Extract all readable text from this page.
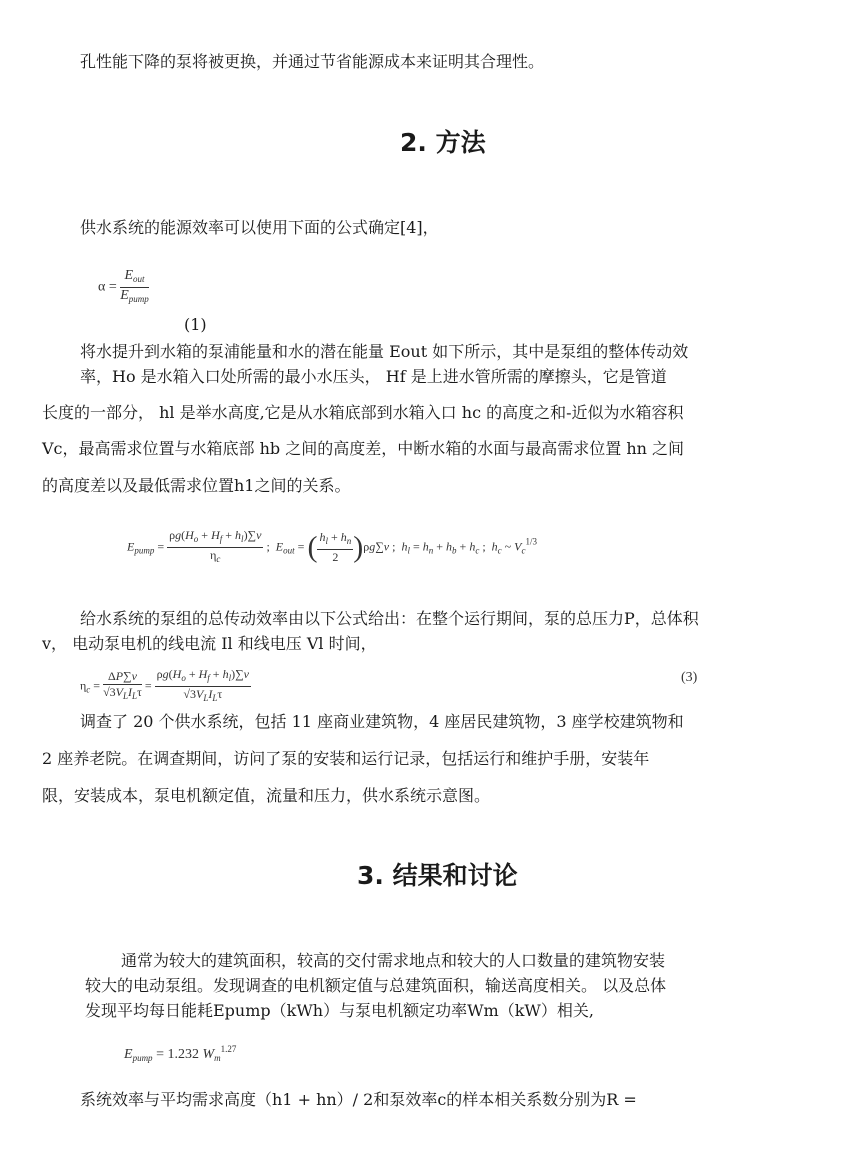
孔性能下降的泵将被更换，并通过节省能源成本来证明其合理性。
2. 方法
供水系统的能源效率可以使用下面的公式确定[4]，
$\alpha = \frac{E_{out}}{E_{pump}}$
(1)
将水提升到水箱的泵浦能量和水的潜在能量 Eout 如下所示，其中是泵组的整体传动效
率，Ho 是水箱入口处所需的最小水压头， Hf 是上进水管所需的摩擦头，它是管道
长度的一部分， hl 是举水高度,它是从水箱底部到水箱入口 hc 的高度之和-近似为水箱容积
Vc，最高需求位置与水箱底部 hb 之间的高度差，中断水箱的水面与最高需求位置 hn 之间
的高度差以及最低需求位置h1之间的关系。
$E_{pump} = \frac{\rho g(H_o + H_f + h_l)\sum v}{\eta_c}$ ;  $E_{out}$ = ( $\frac{h_l + h_n}{2} )\rho g\sum v$ ;  $h_l = h_n + h_b + h_c$ ;  $h_c$ ~ $V_c^{1/3}$
给水系统的泵组的总传动效率由以下公式给出：在整个运行期间，泵的总压力P，总体积
v， 电动泵电机的线电流 Il 和线电压 Vl 时间，
$\eta_c = \frac{\Delta P\sum v}{√3V_LI_L\tau} = \frac{\rho g(H_o + H_f + h_l)\sum v}{√3V_LI_L\tau}$	(3)
调查了 20 个供水系统，包括 11 座商业建筑物，4 座居民建筑物，3 座学校建筑物和
2 座养老院。在调查期间，访问了泵的安装和运行记录，包括运行和维护手册，安装年
限，安装成本，泵电机额定值，流量和压力，供水系统示意图。
3. 结果和讨论
通常为较大的建筑面积，较高的交付需求地点和较大的人口数量的建筑物安装
较大的电动泵组。发现调查的电机额定值与总建筑面积，输送高度相关。 以及总体
发现平均每日能耗Epump（kWh）与泵电机额定功率Wm（kW）相关,
$E_{pump} = 1.232$ $W_m^{1.27}$
系统效率与平均需求高度（h1 + hn）/ 2和泵效率c的样本相关系数分别为R =
